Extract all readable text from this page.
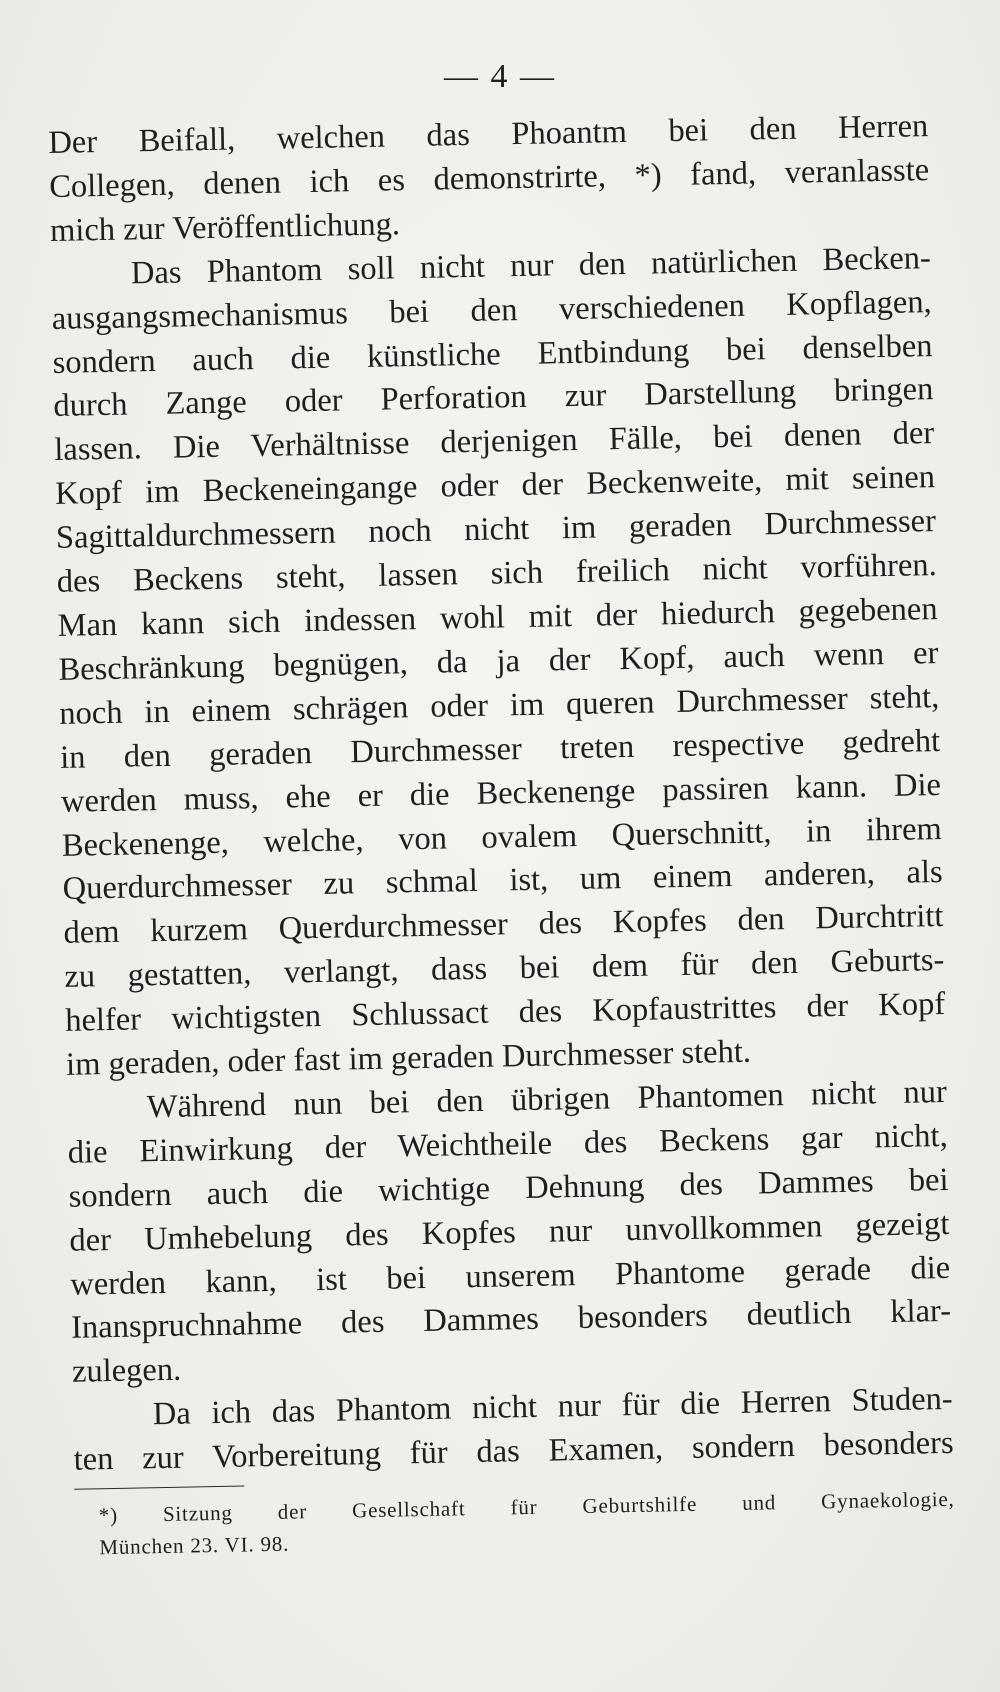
— 4 —
Der Beifall, welchen das Phoantm bei den Herren
Collegen, denen ich es demonstrirte, *) fand, veranlasste
mich zur Veröffentlichung.
Das Phantom soll nicht nur den natürlichen Becken-
ausgangsmechanismus bei den verschiedenen Kopflagen,
sondern auch die künstliche Entbindung bei denselben
durch Zange oder Perforation zur Darstellung bringen
lassen. Die Verhältnisse derjenigen Fälle, bei denen der
Kopf im Beckeneingange oder der Beckenweite, mit seinen
Sagittaldurchmessern noch nicht im geraden Durchmesser
des Beckens steht, lassen sich freilich nicht vorführen.
Man kann sich indessen wohl mit der hiedurch gegebenen
Beschränkung begnügen, da ja der Kopf, auch wenn er
noch in einem schrägen oder im queren Durchmesser steht,
in den geraden Durchmesser treten respective gedreht
werden muss, ehe er die Beckenenge passiren kann. Die
Beckenenge, welche, von ovalem Querschnitt, in ihrem
Querdurchmesser zu schmal ist, um einem anderen, als
dem kurzem Querdurchmesser des Kopfes den Durchtritt
zu gestatten, verlangt, dass bei dem für den Geburts-
helfer wichtigsten Schlussact des Kopfaustrittes der Kopf
im geraden, oder fast im geraden Durchmesser steht.
Während nun bei den übrigen Phantomen nicht nur
die Einwirkung der Weichtheile des Beckens gar nicht,
sondern auch die wichtige Dehnung des Dammes bei
der Umhebelung des Kopfes nur unvollkommen gezeigt
werden kann, ist bei unserem Phantome gerade die
Inanspruchnahme des Dammes besonders deutlich klar-
zulegen.
Da ich das Phantom nicht nur für die Herren Studen-
ten zur Vorbereitung für das Examen, sondern besonders
*) Sitzung der Gesellschaft für Geburtshilfe und Gynaekologie,
München 23. VI. 98.
